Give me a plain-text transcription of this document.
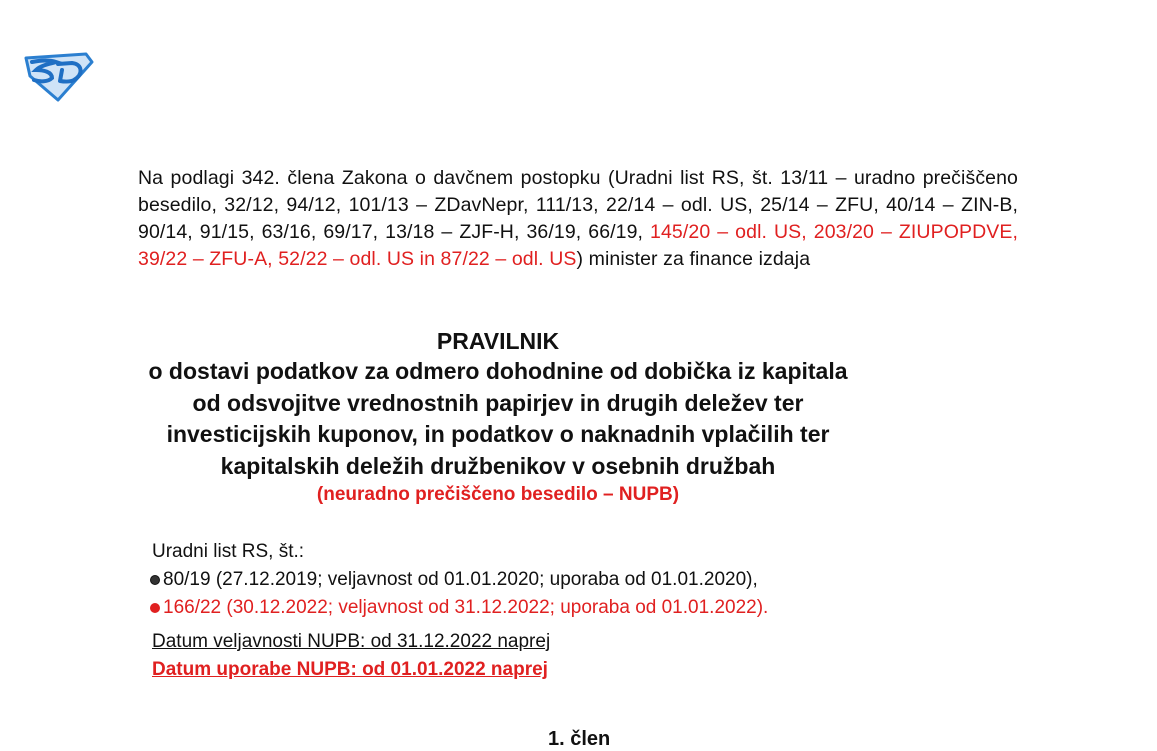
Na podlagi 342. člena Zakona o davčnem postopku (Uradni list RS, št. 13/11 – uradno prečiščeno besedilo, 32/12, 94/12, 101/13 – ZDavNepr, 111/13, 22/14 – odl. US, 25/14 – ZFU, 40/14 – ZIN-B, 90/14, 91/15, 63/16, 69/17, 13/18 – ZJF-H, 36/19, 66/19, 145/20 – odl. US, 203/20 – ZIUPOPDVE, 39/22 – ZFU-A, 52/22 – odl. US in 87/22 – odl. US) minister za finance izdaja
PRAVILNIK
o dostavi podatkov za odmero dohodnine od dobička iz kapitala
od odsvojitve vrednostnih papirjev in drugih deležev ter
investicijskih kuponov, in podatkov o naknadnih vplačilih ter
kapitalskih deležih družbenikov v osebnih družbah
(neuradno prečiščeno besedilo – NUPB)
Uradni list RS, št.:
80/19 (27.12.2019; veljavnost od 01.01.2020; uporaba od 01.01.2020),
166/22 (30.12.2022; veljavnost od 31.12.2022; uporaba od 01.01.2022).
Datum veljavnosti NUPB: od 31.12.2022 naprej
Datum uporabe NUPB: od 01.01.2022 naprej
1. člen
